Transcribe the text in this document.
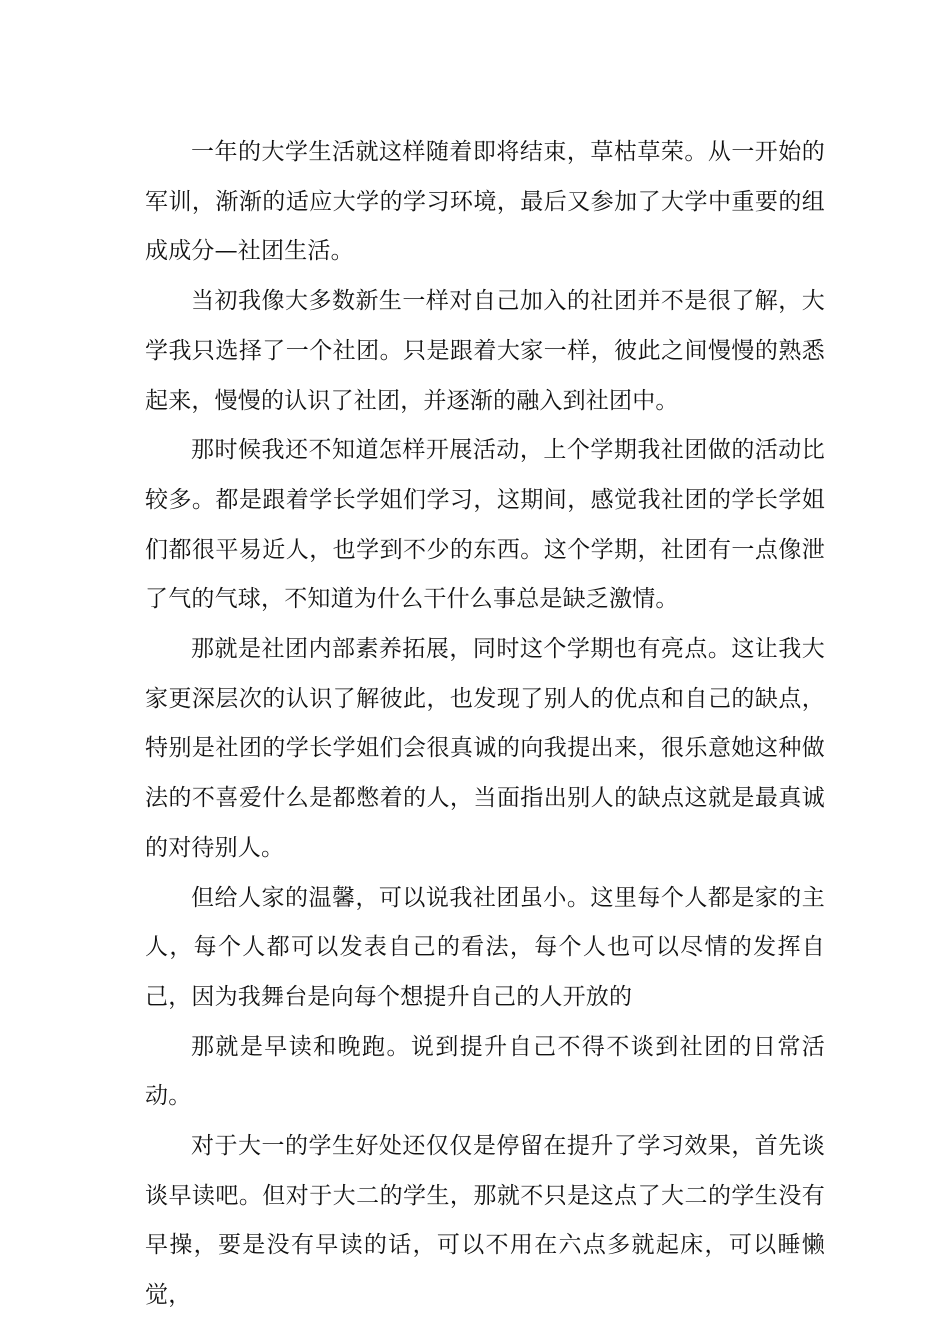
一年的大学生活就这样随着即将结束，草枯草荣。从一开始的军训，渐渐的适应大学的学习环境，最后又参加了大学中重要的组成成分—社团生活。

当初我像大多数新生一样对自己加入的社团并不是很了解，大学我只选择了一个社团。只是跟着大家一样，彼此之间慢慢的熟悉起来，慢慢的认识了社团，并逐渐的融入到社团中。

那时候我还不知道怎样开展活动，上个学期我社团做的活动比较多。都是跟着学长学姐们学习，这期间，感觉我社团的学长学姐们都很平易近人，也学到不少的东西。这个学期，社团有一点像泄了气的气球，不知道为什么干什么事总是缺乏激情。

那就是社团内部素养拓展，同时这个学期也有亮点。这让我大家更深层次的认识了解彼此，也发现了别人的优点和自己的缺点，特别是社团的学长学姐们会很真诚的向我提出来，很乐意她这种做法的不喜爱什么是都憋着的人，当面指出别人的缺点这就是最真诚的对待别人。

但给人家的温馨，可以说我社团虽小。这里每个人都是家的主人，每个人都可以发表自己的看法，每个人也可以尽情的发挥自己，因为我舞台是向每个想提升自己的人开放的

那就是早读和晚跑。说到提升自己不得不谈到社团的日常活动。

对于大一的学生好处还仅仅是停留在提升了学习效果，首先谈谈早读吧。但对于大二的学生，那就不只是这点了大二的学生没有早操，要是没有早读的话，可以不用在六点多就起床，可以睡懒觉，
